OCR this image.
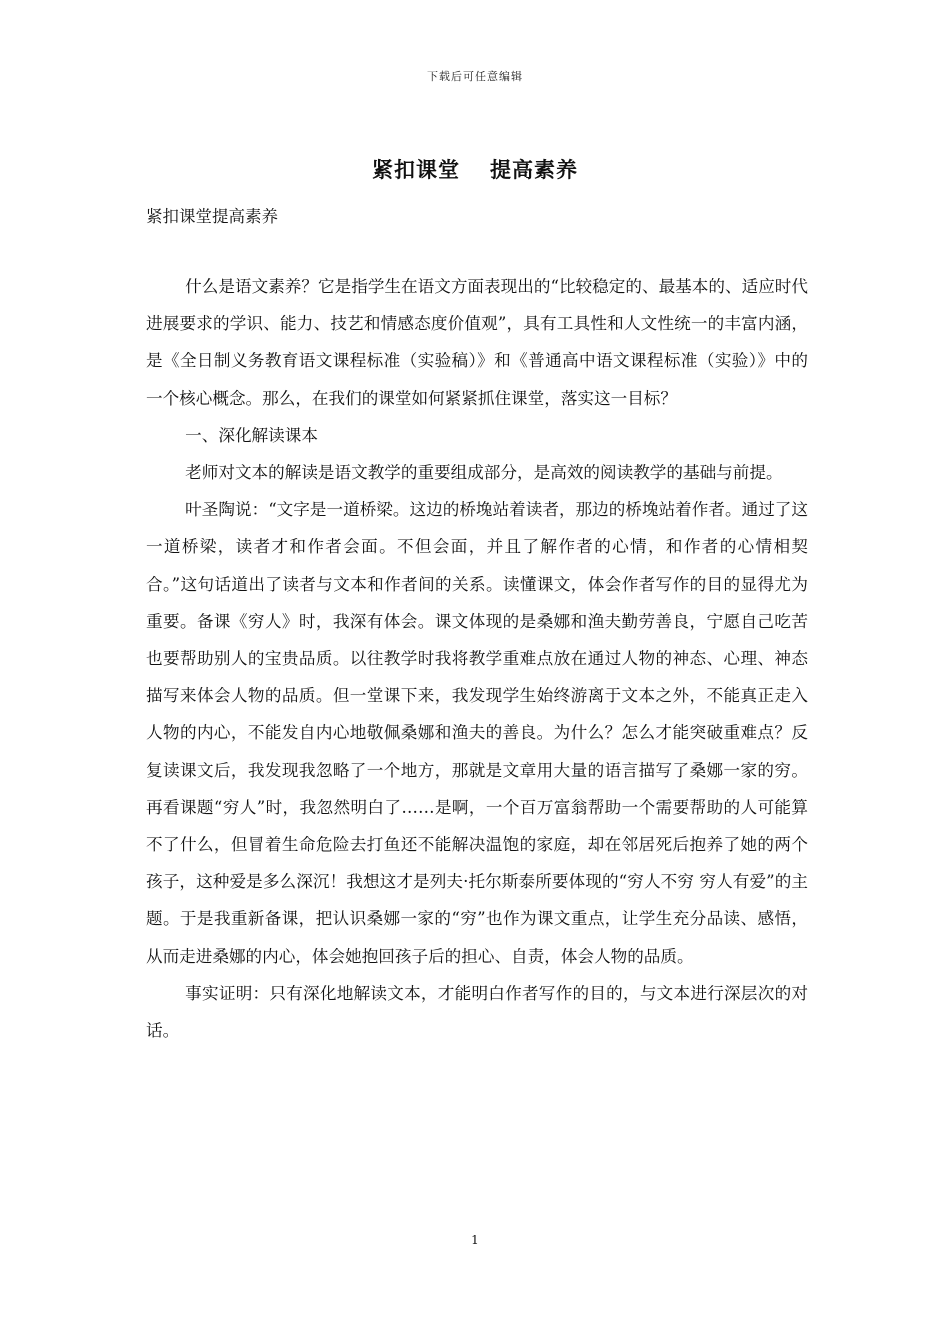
下载后可任意编辑
紧扣课堂 提高素养
紧扣课堂提高素养

什么是语文素养？它是指学生在语文方面表现出的“比较稳定的、最基本的、适应时代进展要求的学识、能力、技艺和情感态度价值观”，具有工具性和人文性统一的丰富内涵，是《全日制义务教育语文课程标准（实验稿）》和《普通高中语文课程标准（实验）》中的一个核心概念。那么，在我们的课堂如何紧紧抓住课堂，落实这一目标？

一、深化解读课本

老师对文本的解读是语文教学的重要组成部分，是高效的阅读教学的基础与前提。

叶圣陶说：“文字是一道桥梁。这边的桥堍站着读者，那边的桥堍站着作者。通过了这一道桥梁，读者才和作者会面。不但会面，并且了解作者的心情，和作者的心情相契合。”这句话道出了读者与文本和作者间的关系。读懂课文，体会作者写作的目的显得尤为重要。备课《穷人》时，我深有体会。课文体现的是桑娜和渔夫勤劳善良，宁愿自己吃苦也要帮助别人的宝贵品质。以往教学时我将教学重难点放在通过人物的神态、心理、神态描写来体会人物的品质。但一堂课下来，我发现学生始终游离于文本之外，不能真正走入人物的内心，不能发自内心地敬佩桑娜和渔夫的善良。为什么？怎么才能突破重难点？反复读课文后，我发现我忽略了一个地方，那就是文章用大量的语言描写了桑娜一家的穷。再看课题“穷人”时，我忽然明白了……是啊，一个百万富翁帮助一个需要帮助的人可能算不了什么，但冒着生命危险去打鱼还不能解决温饱的家庭，却在邻居死后抱养了她的两个孩子，这种爱是多么深沉！我想这才是列夫·托尔斯泰所要体现的“穷人不穷 穷人有爱”的主题。于是我重新备课，把认识桑娜一家的“穷”也作为课文重点，让学生充分品读、感悟，从而走进桑娜的内心，体会她抱回孩子后的担心、自责，体会人物的品质。

事实证明：只有深化地解读文本，才能明白作者写作的目的，与文本进行深层次的对话。

1
